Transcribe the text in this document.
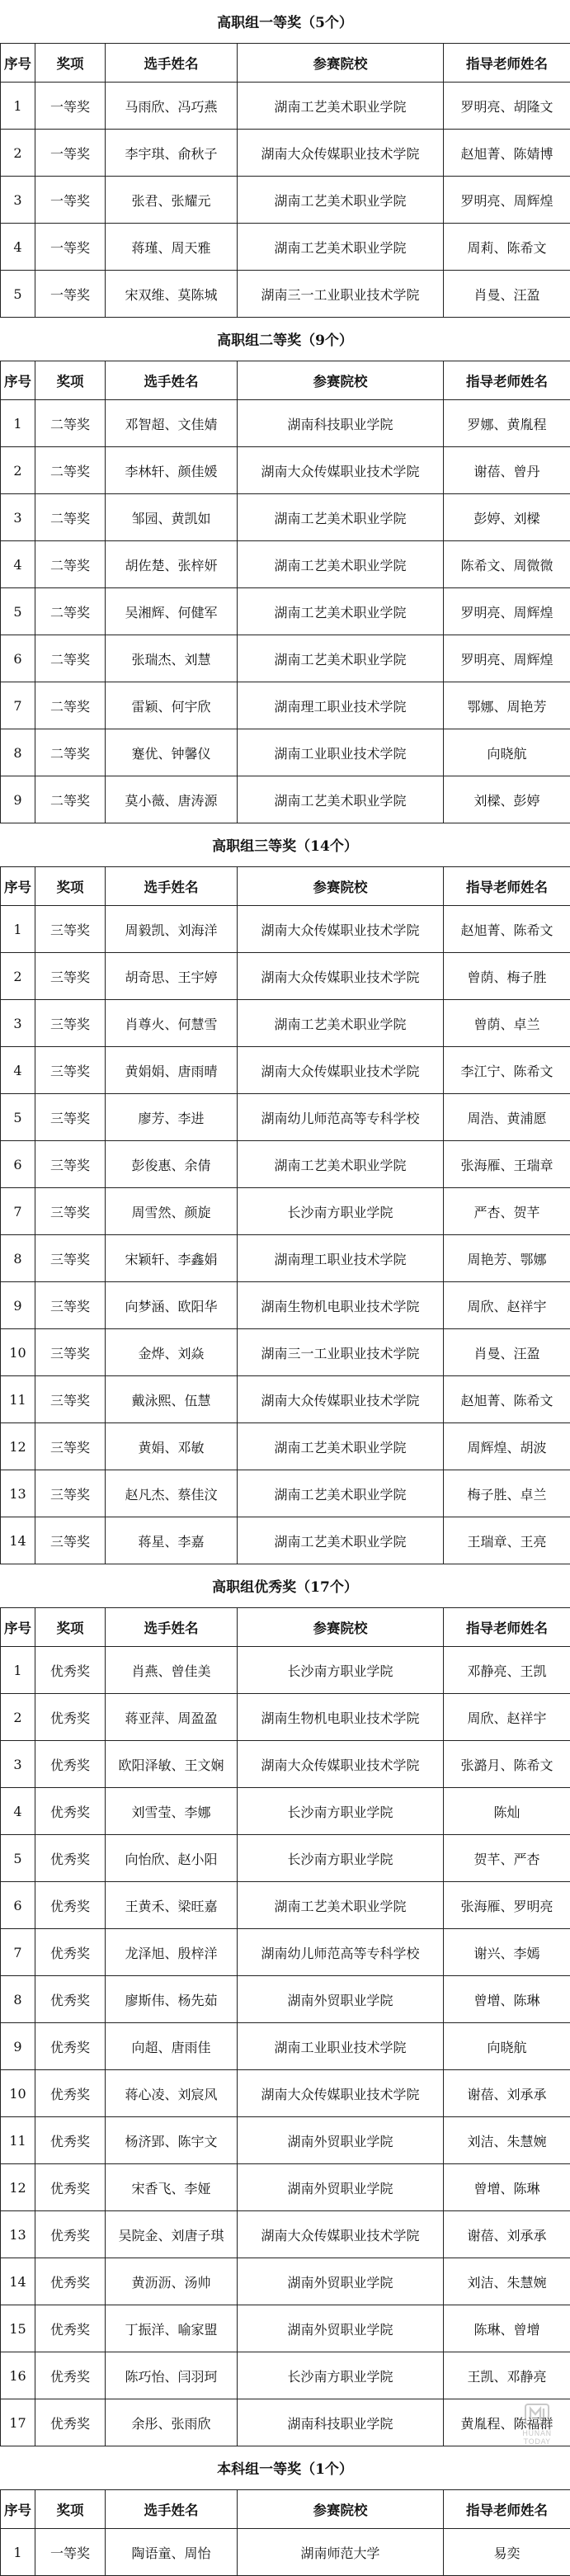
高职组一等奖（5个）
序号	奖项	选手姓名	参赛院校	指导老师姓名
1	一等奖	马雨欣、冯巧燕	湖南工艺美术职业学院	罗明亮、胡隆文
2	一等奖	李宇琪、俞秋子	湖南大众传媒职业技术学院	赵旭菁、陈婧博
3	一等奖	张君、张耀元	湖南工艺美术职业学院	罗明亮、周辉煌
4	一等奖	蒋瑾、周天雅	湖南工艺美术职业学院	周莉、陈希文
5	一等奖	宋双维、莫陈城	湖南三一工业职业技术学院	肖曼、汪盈
高职组二等奖（9个）
序号	奖项	选手姓名	参赛院校	指导老师姓名
1	二等奖	邓智超、文佳婧	湖南科技职业学院	罗娜、黄胤程
2	二等奖	李林轩、颜佳媛	湖南大众传媒职业技术学院	谢蓓、曾丹
3	二等奖	邹园、黄凯如	湖南工艺美术职业学院	彭婷、刘樑
4	二等奖	胡佐楚、张梓妍	湖南工艺美术职业学院	陈希文、周微微
5	二等奖	吴湘辉、何健军	湖南工艺美术职业学院	罗明亮、周辉煌
6	二等奖	张瑞杰、刘慧	湖南工艺美术职业学院	罗明亮、周辉煌
7	二等奖	雷颖、何宇欣	湖南理工职业技术学院	鄂娜、周艳芳
8	二等奖	蹇优、钟馨仪	湖南工业职业技术学院	向晓航
9	二等奖	莫小薇、唐涛源	湖南工艺美术职业学院	刘樑、彭婷
高职组三等奖（14个）
序号	奖项	选手姓名	参赛院校	指导老师姓名
1	三等奖	周毅凯、刘海洋	湖南大众传媒职业技术学院	赵旭菁、陈希文
2	三等奖	胡奇思、王宇婷	湖南大众传媒职业技术学院	曾荫、梅子胜
3	三等奖	肖尊火、何慧雪	湖南工艺美术职业学院	曾荫、卓兰
4	三等奖	黄娟娟、唐雨晴	湖南大众传媒职业技术学院	李江宁、陈希文
5	三等奖	廖芳、李进	湖南幼儿师范高等专科学校	周浩、黄浦愿
6	三等奖	彭俊惠、余倩	湖南工艺美术职业学院	张海雁、王瑞章
7	三等奖	周雪然、颜旋	长沙南方职业学院	严杏、贺芊
8	三等奖	宋颖轩、李鑫娟	湖南理工职业技术学院	周艳芳、鄂娜
9	三等奖	向梦涵、欧阳华	湖南生物机电职业技术学院	周欣、赵祥宇
10	三等奖	金烨、刘焱	湖南三一工业职业技术学院	肖曼、汪盈
11	三等奖	戴泳熙、伍慧	湖南大众传媒职业技术学院	赵旭菁、陈希文
12	三等奖	黄娟、邓敏	湖南工艺美术职业学院	周辉煌、胡波
13	三等奖	赵凡杰、蔡佳汶	湖南工艺美术职业学院	梅子胜、卓兰
14	三等奖	蒋星、李嘉	湖南工艺美术职业学院	王瑞章、王亮
高职组优秀奖（17个）
序号	奖项	选手姓名	参赛院校	指导老师姓名
1	优秀奖	肖燕、曾佳美	长沙南方职业学院	邓静亮、王凯
2	优秀奖	蒋亚萍、周盈盈	湖南生物机电职业技术学院	周欣、赵祥宇
3	优秀奖	欧阳泽敏、王文娴	湖南大众传媒职业技术学院	张潞月、陈希文
4	优秀奖	刘雪莹、李娜	长沙南方职业学院	陈灿
5	优秀奖	向怡欣、赵小阳	长沙南方职业学院	贺芊、严杏
6	优秀奖	王黄禾、梁旺嘉	湖南工艺美术职业学院	张海雁、罗明亮
7	优秀奖	龙泽旭、殷梓洋	湖南幼儿师范高等专科学校	谢兴、李嫣
8	优秀奖	廖斯伟、杨先茹	湖南外贸职业学院	曾增、陈琳
9	优秀奖	向超、唐雨佳	湖南工业职业技术学院	向晓航
10	优秀奖	蒋心凌、刘宸风	湖南大众传媒职业技术学院	谢蓓、刘承承
11	优秀奖	杨济郢、陈宇文	湖南外贸职业学院	刘洁、朱慧婉
12	优秀奖	宋香飞、李娅	湖南外贸职业学院	曾增、陈琳
13	优秀奖	吴院金、刘唐子琪	湖南大众传媒职业技术学院	谢蓓、刘承承
14	优秀奖	黄沥沥、汤帅	湖南外贸职业学院	刘洁、朱慧婉
15	优秀奖	丁振洋、喻家盟	湖南外贸职业学院	陈琳、曾增
16	优秀奖	陈巧怡、闫羽珂	长沙南方职业学院	王凯、邓静亮
17	优秀奖	余彤、张雨欣	湖南科技职业学院	黄胤程、陈福群
本科组一等奖（1个）
序号	奖项	选手姓名	参赛院校	指导老师姓名
1	一等奖	陶语童、周怡	湖南师范大学	易奕
HUNAN TODAY
